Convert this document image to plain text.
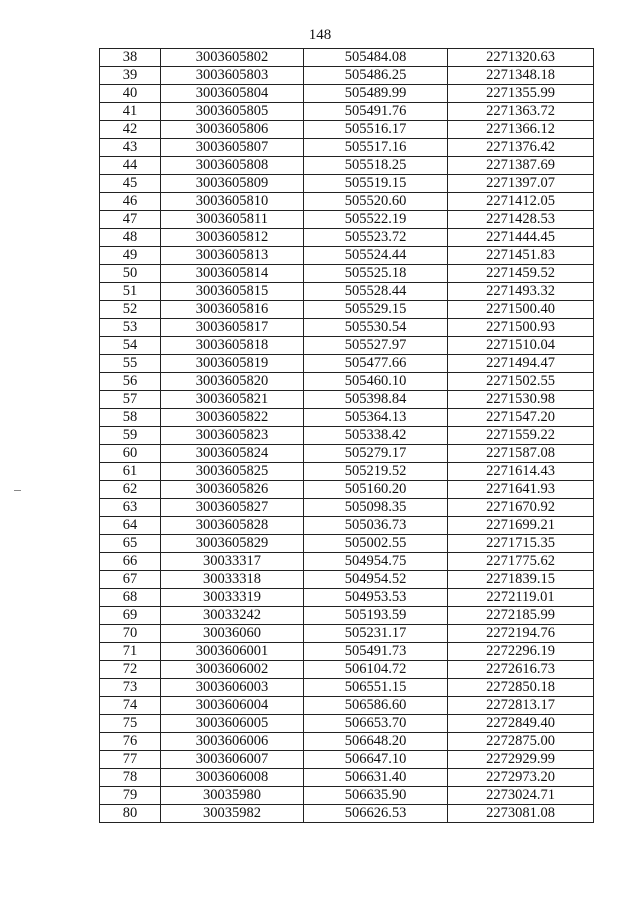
148
38	3003605802	505484.08	2271320.63
39	3003605803	505486.25	2271348.18
40	3003605804	505489.99	2271355.99
41	3003605805	505491.76	2271363.72
42	3003605806	505516.17	2271366.12
43	3003605807	505517.16	2271376.42
44	3003605808	505518.25	2271387.69
45	3003605809	505519.15	2271397.07
46	3003605810	505520.60	2271412.05
47	3003605811	505522.19	2271428.53
48	3003605812	505523.72	2271444.45
49	3003605813	505524.44	2271451.83
50	3003605814	505525.18	2271459.52
51	3003605815	505528.44	2271493.32
52	3003605816	505529.15	2271500.40
53	3003605817	505530.54	2271500.93
54	3003605818	505527.97	2271510.04
55	3003605819	505477.66	2271494.47
56	3003605820	505460.10	2271502.55
57	3003605821	505398.84	2271530.98
58	3003605822	505364.13	2271547.20
59	3003605823	505338.42	2271559.22
60	3003605824	505279.17	2271587.08
61	3003605825	505219.52	2271614.43
62	3003605826	505160.20	2271641.93
63	3003605827	505098.35	2271670.92
64	3003605828	505036.73	2271699.21
65	3003605829	505002.55	2271715.35
66	30033317	504954.75	2271775.62
67	30033318	504954.52	2271839.15
68	30033319	504953.53	2272119.01
69	30033242	505193.59	2272185.99
70	30036060	505231.17	2272194.76
71	3003606001	505491.73	2272296.19
72	3003606002	506104.72	2272616.73
73	3003606003	506551.15	2272850.18
74	3003606004	506586.60	2272813.17
75	3003606005	506653.70	2272849.40
76	3003606006	506648.20	2272875.00
77	3003606007	506647.10	2272929.99
78	3003606008	506631.40	2272973.20
79	30035980	506635.90	2273024.71
80	30035982	506626.53	2273081.08
